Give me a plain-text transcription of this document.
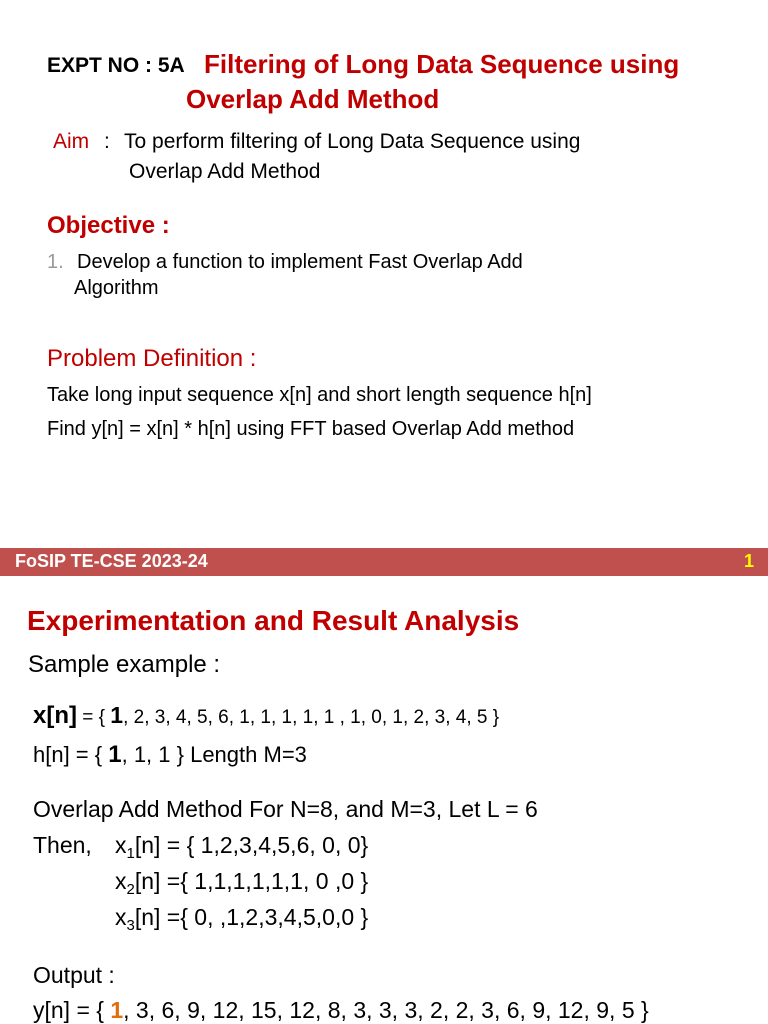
EXPT NO : 5A Filtering of Long Data Sequence using
Overlap Add Method
Aim : To perform filtering of Long Data Sequence using
Overlap Add Method
Objective :
1. Develop a function to implement Fast Overlap Add
Algorithm
Problem Definition :
Take long input sequence x[n] and short length sequence h[n]
Find y[n] = x[n] * h[n] using FFT based Overlap Add method
FoSIP TE-CSE 2023-24	1
Experimentation and Result Analysis
Sample example :
x[n] = { 1, 2, 3, 4, 5, 6, 1, 1, 1, 1, 1 , 1, 0, 1, 2, 3, 4, 5 }
h[n] = { 1, 1, 1 } Length M=3
Overlap Add Method For N=8, and M=3, Let L = 6
Then, $x_1[n]$ = { 1,2,3,4,5,6, 0, 0}
$x_2[n]$ ={ 1,1,1,1,1,1, 0 ,0 }
$x_3[n]$ ={ 0, ,1,2,3,4,5,0,0 }
Output :
y[n] = { 1, 3, 6, 9, 12, 15, 12, 8, 3, 3, 3, 2, 2, 3, 6, 9, 12, 9, 5 }
